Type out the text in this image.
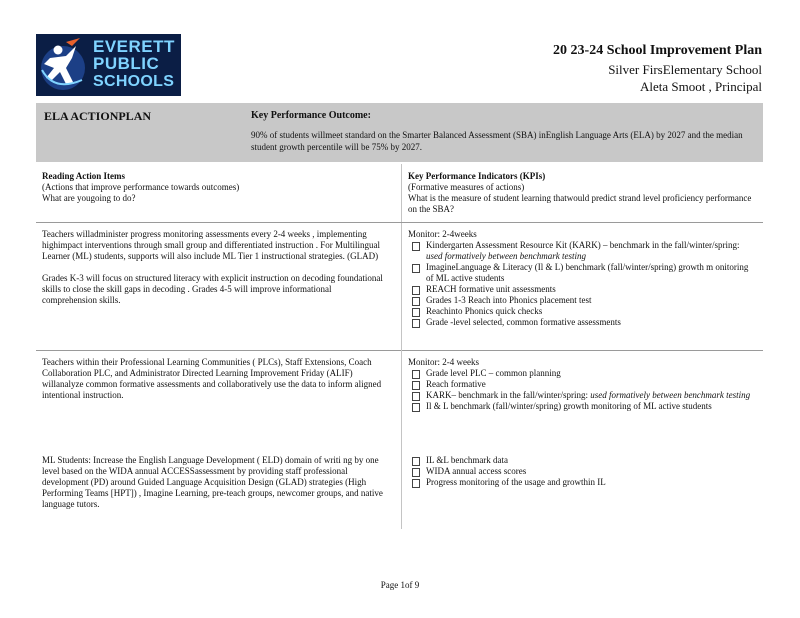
EVERETT
PUBLIC
SCHOOLS
20 23-24 School Improvement Plan
Silver FirsElementary School
Aleta Smoot , Principal
ELA ACTIONPLAN	Key Performance Outcome:
90% of students willmeet standard on the Smarter Balanced Assessment (SBA) inEnglish Language Arts (ELA) by 2027 and the median student growth percentile will be 75% by 2027.
Reading Action Items
(Actions that improve performance towards outcomes)
What are yougoing to do?
Key Performance Indicators (KPIs)
(Formative measures of actions)
What is the measure of student learning thatwould predict strand level proficiency performance on the SBA?

Teachers willadminister progress monitoring assessments every 2-4 weeks , implementing highimpact interventions through small group and differentiated instruction . For Multilingual Learner (ML) students, supports will also include ML Tier 1 instructional strategies. (GLAD)

Grades K-3 will focus on structured literacy with explicit instruction on decoding foundational skills to close the skill gaps in decoding . Grades 4-5 will improve informational comprehension skills.

Monitor: 2-4weeks
Kindergarten Assessment Resource Kit (KARK) – benchmark in the fall/winter/spring: used formatively between benchmark testing
ImagineLanguage & Literacy (Il & L) benchmark (fall/winter/spring) growth m onitoring of ML active students
REACH formative unit assessments
Grades 1-3 Reach into Phonics placement test
Reachinto Phonics quick checks
Grade -level selected, common formative assessments

Teachers within their Professional Learning Communities ( PLCs), Staff Extensions, Coach Collaboration PLC, and Administrator Directed Learning Improvement Friday (ALIF) willanalyze common formative assessments and collaboratively use the data to inform aligned intentional instruction.

Monitor: 2-4 weeks
Grade level PLC – common planning
Reach formative
KARK– benchmark in the fall/winter/spring: used formatively between benchmark testing
Il & L benchmark (fall/winter/spring) growth monitoring of ML active students

ML Students: Increase the English Language Development ( ELD) domain of writi ng by one level based on the WIDA annual ACCESSassessment by providing staff professional development (PD) around Guided Language Acquisition Design (GLAD) strategies (High Performing Teams [HPT]) , Imagine Learning, pre-teach groups, newcomer groups, and native language tutors.

IL &L benchmark data
WIDA annual access scores
Progress monitoring of the usage and growthin IL
Page 1of 9
